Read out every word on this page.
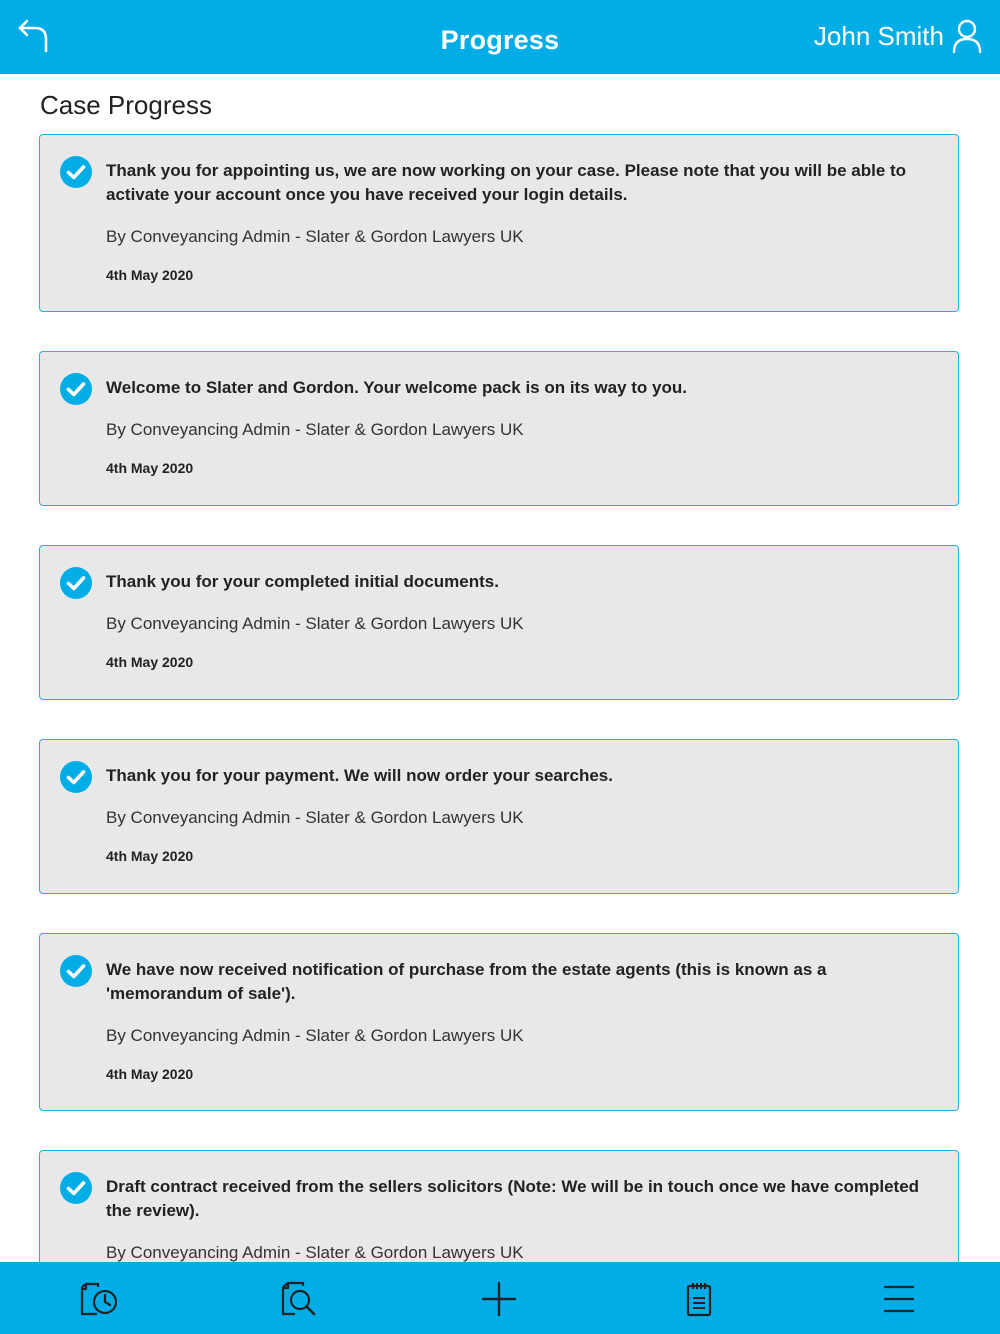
Progress	John Smith
Case Progress
Thank you for appointing us, we are now working on your case. Please note that you will be able to activate your account once you have received your login details.
By Conveyancing Admin - Slater & Gordon Lawyers UK
4th May 2020
Welcome to Slater and Gordon. Your welcome pack is on its way to you.
By Conveyancing Admin - Slater & Gordon Lawyers UK
4th May 2020
Thank you for your completed initial documents.
By Conveyancing Admin - Slater & Gordon Lawyers UK
4th May 2020
Thank you for your payment. We will now order your searches.
By Conveyancing Admin - Slater & Gordon Lawyers UK
4th May 2020
We have now received notification of purchase from the estate agents (this is known as a 'memorandum of sale').
By Conveyancing Admin - Slater & Gordon Lawyers UK
4th May 2020
Draft contract received from the sellers solicitors (Note: We will be in touch once we have completed the review).
By Conveyancing Admin - Slater & Gordon Lawyers UK
